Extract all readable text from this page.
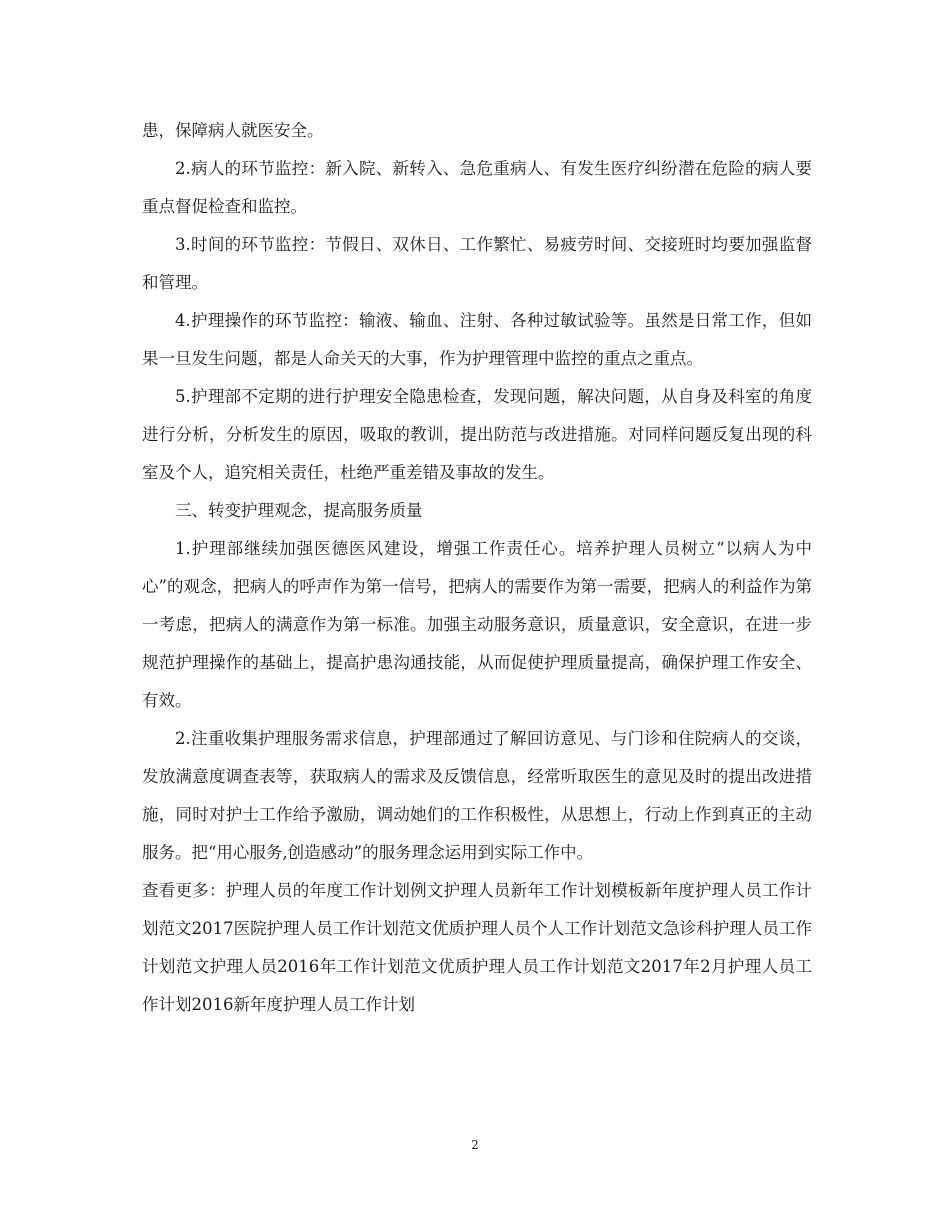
患，保障病人就医安全。

2.病人的环节监控：新入院、新转入、急危重病人、有发生医疗纠纷潜在危险的病人要重点督促检查和监控。

3.时间的环节监控：节假日、双休日、工作繁忙、易疲劳时间、交接班时均要加强监督和管理。

4.护理操作的环节监控：输液、输血、注射、各种过敏试验等。虽然是日常工作，但如果一旦发生问题，都是人命关天的大事，作为护理管理中监控的重点之重点。

5.护理部不定期的进行护理安全隐患检查，发现问题，解决问题，从自身及科室的角度进行分析，分析发生的原因，吸取的教训，提出防范与改进措施。对同样问题反复出现的科室及个人，追究相关责任，杜绝严重差错及事故的发生。

三、转变护理观念，提高服务质量

1.护理部继续加强医德医风建设，增强工作责任心。培养护理人员树立“以病人为中心”的观念，把病人的呼声作为第一信号，把病人的需要作为第一需要，把病人的利益作为第一考虑，把病人的满意作为第一标准。加强主动服务意识，质量意识，安全意识，在进一步规范护理操作的基础上，提高护患沟通技能，从而促使护理质量提高，确保护理工作安全、有效。

2.注重收集护理服务需求信息，护理部通过了解回访意见、与门诊和住院病人的交谈，发放满意度调查表等，获取病人的需求及反馈信息，经常听取医生的意见及时的提出改进措施，同时对护士工作给予激励，调动她们的工作积极性，从思想上，行动上作到真正的主动服务。把“用心服务,创造感动”的服务理念运用到实际工作中。

查看更多：护理人员的年度工作计划例文护理人员新年工作计划模板新年度护理人员工作计划范文2017医院护理人员工作计划范文优质护理人员个人工作计划范文急诊科护理人员工作计划范文护理人员2016年工作计划范文优质护理人员工作计划范文2017年2月护理人员工作计划2016新年度护理人员工作计划

2
